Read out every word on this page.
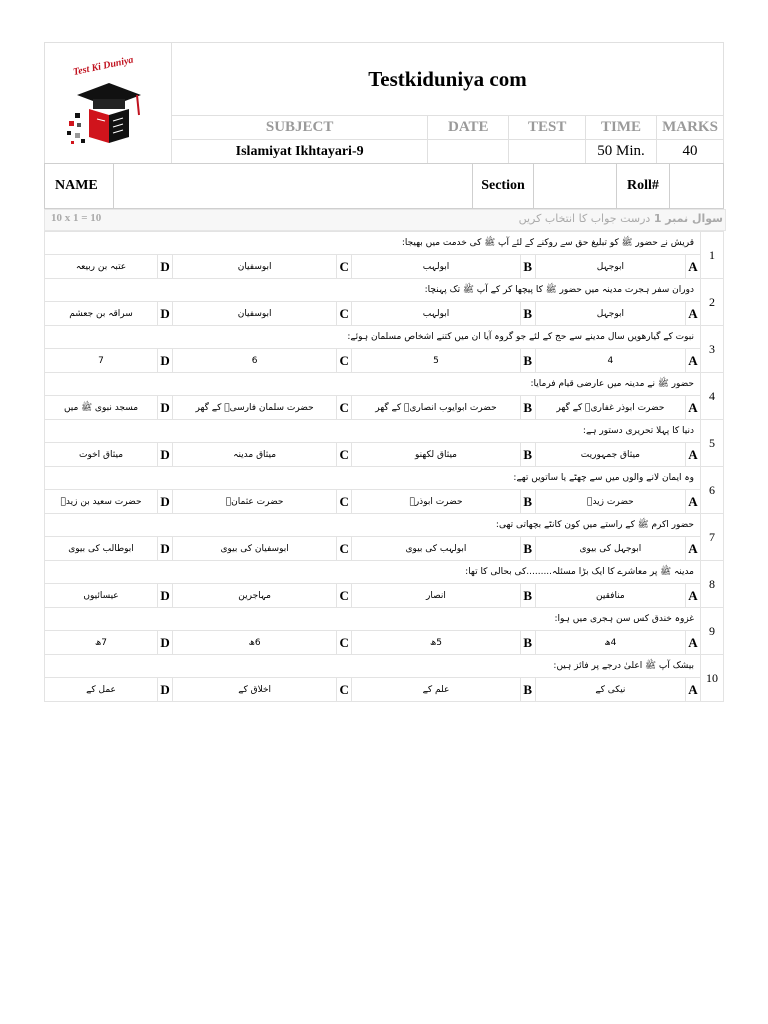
Test Ki Duniya	Testkiduniya com				
	SUBJECT	DATE	TEST	TIME	MARKS
	Islamiyat Ikhtayari-9			50 Min.	40
NAME		Section		Roll#	
10 x 1 = 10	سوال نمبر 1 درست جواب کا انتخاب کریں
قریش نے حضور ﷺ کو تبلیغ حق سے روکنے کے لئے آپ ﷺ کی خدمت میں بھیجا:								1
عتبہ بن ربیعہ	D	ابوسفیان	C	ابولہب	B	ابوجہل	A	
دوران سفر ہجرت مدینہ میں حضور ﷺ کا پیچھا کر کے آپ ﷺ تک پہنچا:								2
سراقہ بن جعشم	D	ابوسفیان	C	ابولہب	B	ابوجہل	A	
نبوت کے گیارھویں سال مدینے سے حج کے لئے جو گروہ آیا ان میں کتنے اشخاص مسلمان ہوئے:								3
7	D	6	C	5	B	4	A	
حضور ﷺ نے مدینہ میں عارضی قیام فرمایا:								4
مسجد نبوی ﷺ میں	D	حضرت سلمان فارسیؓ کے گھر	C	حضرت ابوایوب انصاریؓ کے گھر	B	حضرت ابوذر غفاریؓ کے گھر	A	
دنیا کا پہلا تحریری دستور ہے:								5
میثاق اخوت	D	میثاق مدینہ	C	میثاق لکھنو	B	میثاق جمہوریت	A	
وہ ایمان لانے والوں میں سے چھٹے یا ساتویں تھے:								6
حضرت سعید بن زیدؓ	D	حضرت عثمانؓ	C	حضرت ابوذرؓ	B	حضرت زیدؓ	A	
حضور اکرم ﷺ کے راستے میں کون کانٹے بچھاتی تھی:								7
ابوطالب کی بیوی	D	ابوسفیان کی بیوی	C	ابولہب کی بیوی	B	ابوجہل کی بیوی	A	
مدینہ ﷺ پر معاشرے کا ایک بڑا مسئلہ.........کی بحالی کا تھا:								8
عیسائیوں	D	مہاجرین	C	انصار	B	منافقین	A	
غزوہ خندق کس سن ہجری میں ہوا:								9
7ھ	D	6ھ	C	5ھ	B	4ھ	A	
بیشک آپ ﷺ اعلیٰ درجے پر فائز ہیں:								10
عمل کے	D	اخلاق کے	C	علم کے	B	نیکی کے	A	
